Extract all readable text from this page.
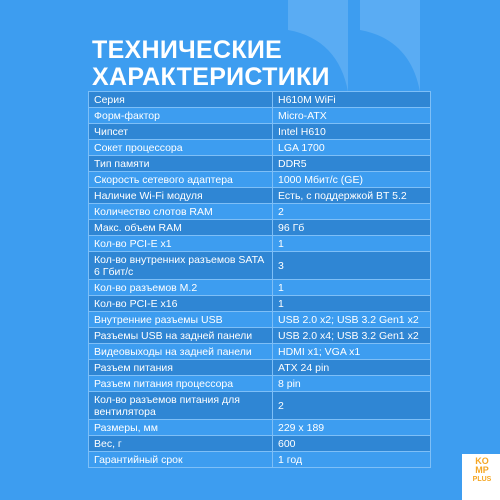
ТЕХНИЧЕСКИЕ
ХАРАКТЕРИСТИКИ
Серия	H610M WiFi
Форм-фактор	Micro-ATX
Чипсет	Intel H610
Сокет процессора	LGA 1700
Тип памяти	DDR5
Скорость сетевого адаптера	1000 Мбит/с (GE)
Наличие Wi-Fi модуля	Есть, с поддержкой BT 5.2
Количество слотов RAM	2
Макс. объем RAM	96 Гб
Кол-во PCI-E x1	1
Кол-во внутренних разъемов SATA 6 Гбит/с	3
Кол-во разъемов M.2	1
Кол-во PCI-E x16	1
Внутренние разъемы USB	USB 2.0 x2; USB 3.2 Gen1 x2
Разъемы USB на задней панели	USB 2.0 x4; USB 3.2 Gen1 x2
Видеовыходы на задней панели	HDMI x1; VGA x1
Разъем питания	ATX 24 pin
Разъем питания процессора	8 pin
Кол-во разъемов питания для вентилятора	2
Размеры, мм	229 x 189
Вес, г	600
Гарантийный срок	1 год	KO
MP
PLUS
